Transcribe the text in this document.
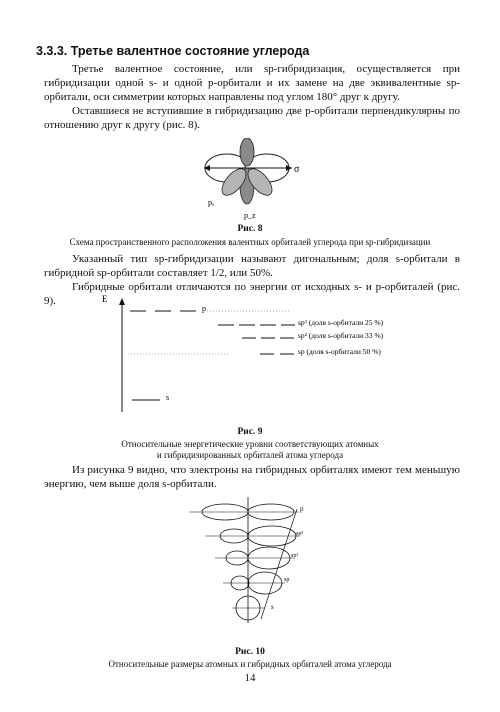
3.3.3. Третье валентное состояние углерода
Третье валентное состояние, или sp-гибридизация, осуществляется при гибридизации одной s- и одной p-орбитали и их замене на две эквивалентные sp-орбитали, оси симметрии которых направлены под углом 180° друг к другу.
Оставшиеся не вступившие в гибридизацию две p-орбитали перпендикулярны по отношению друг к другу (рис. 8).
σ
pₓ
p_z
Рис. 8
Схема пространственного расположения валентных орбиталей углерода при sp-гибридизации
Указанный тип sp-гибридизации называют дигональным; доля s-орбитали в гибридной sp-орбитали составляет 1/2, или 50%.
Гибридные орбитали отличаются по энергии от исходных s- и p-орбиталей (рис. 9).	E
p
sp³ (доля s-орбитали 25 %)
sp² (доля s-орбитали 33 %)
sp (доля s-орбитали 50 %)
s
Рис. 9
Относительные энергетические уровни соответствующих атомных
и гибридизированных орбиталей атома углерода
Из рисунка 9 видно, что электроны на гибридных орбиталях имеют тем меньшую энергию, чем выше доля s-орбитали.
p
sp³
sp²
sp
s
Рис. 10
Относительные размеры атомных и гибридных орбиталей атома углерода
14
